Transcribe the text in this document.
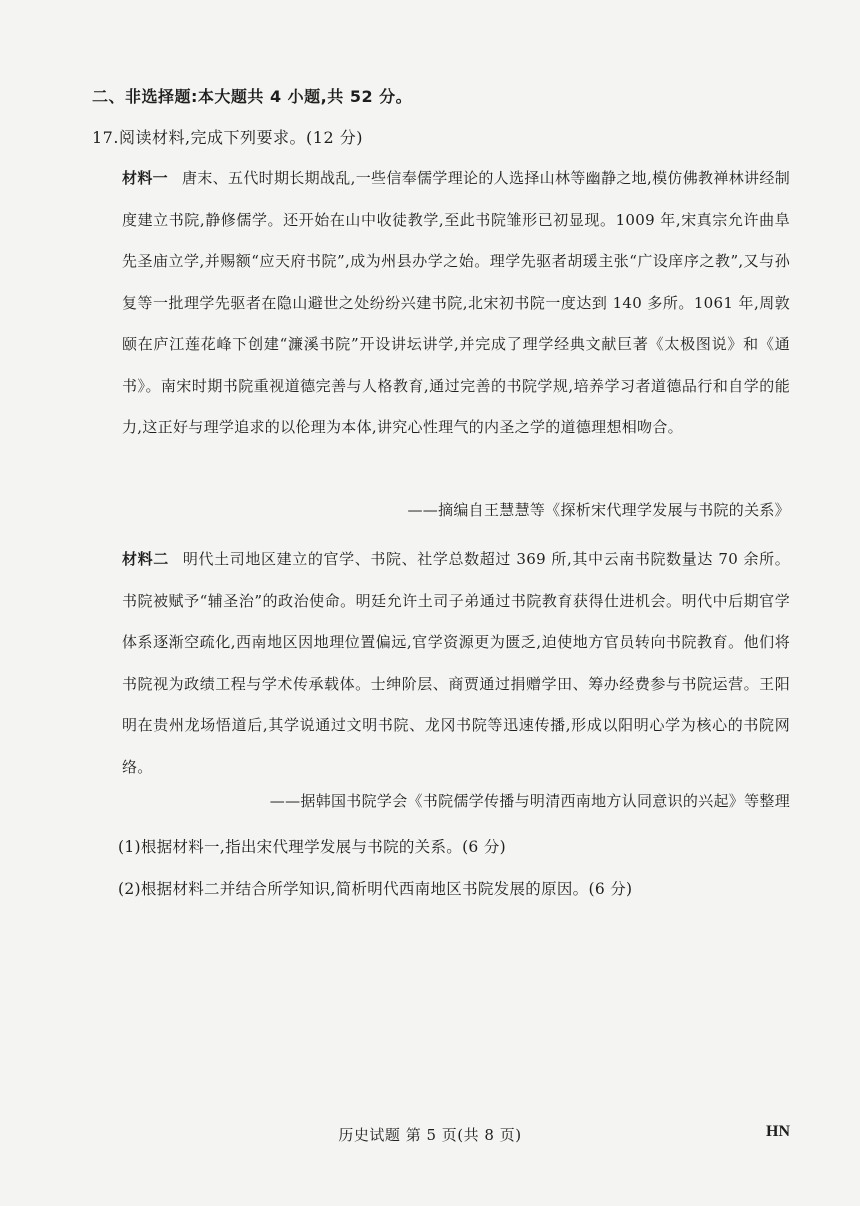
二、非选择题:本大题共 4 小题,共 52 分。
17.阅读材料,完成下列要求。(12 分)
材料一 唐末、五代时期长期战乱,一些信奉儒学理论的人选择山林等幽静之地,模仿佛教禅林讲经制度建立书院,静修儒学。还开始在山中收徒教学,至此书院雏形已初显现。1009 年,宋真宗允许曲阜先圣庙立学,并赐额“应天府书院”,成为州县办学之始。理学先驱者胡瑗主张“广设庠序之教”,又与孙复等一批理学先驱者在隐山避世之处纷纷兴建书院,北宋初书院一度达到 140 多所。1061 年,周敦颐在庐江莲花峰下创建“濂溪书院”开设讲坛讲学,并完成了理学经典文献巨著《太极图说》和《通书》。南宋时期书院重视道德完善与人格教育,通过完善的书院学规,培养学习者道德品行和自学的能力,这正好与理学追求的以伦理为本体,讲究心性理气的内圣之学的道德理想相吻合。
——摘编自王慧慧等《探析宋代理学发展与书院的关系》
材料二 明代土司地区建立的官学、书院、社学总数超过 369 所,其中云南书院数量达 70 余所。书院被赋予“辅圣治”的政治使命。明廷允许土司子弟通过书院教育获得仕进机会。明代中后期官学体系逐渐空疏化,西南地区因地理位置偏远,官学资源更为匮乏,迫使地方官员转向书院教育。他们将书院视为政绩工程与学术传承载体。士绅阶层、商贾通过捐赠学田、筹办经费参与书院运营。王阳明在贵州龙场悟道后,其学说通过文明书院、龙冈书院等迅速传播,形成以阳明心学为核心的书院网络。
——据韩国书院学会《书院儒学传播与明清西南地方认同意识的兴起》等整理
(1)根据材料一,指出宋代理学发展与书院的关系。(6 分)
(2)根据材料二并结合所学知识,简析明代西南地区书院发展的原因。(6 分)
历史试题 第 5 页(共 8 页)	HN
